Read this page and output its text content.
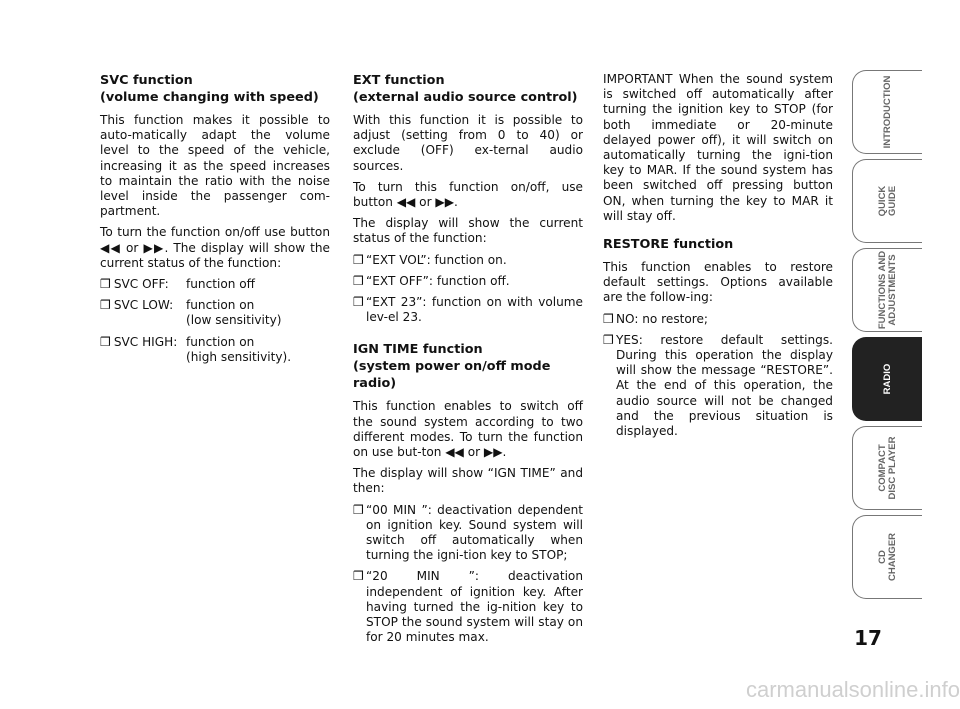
SVC function
(volume changing with speed)

This function makes it possible to auto-matically adapt the volume level to the speed of the vehicle, increasing it as the speed increases to maintain the ratio with the noise level inside the passenger com-partment.

To turn the function on/off use button ◀◀ or ▶▶. The display will show the current status of the function:

❒ SVC OFF:	function off
❒ SVC LOW:	function on
(low sensitivity)
❒ SVC HIGH: function on
(high sensitivity).
EXT function
(external audio source control)

With this function it is possible to adjust (setting from 0 to 40) or exclude (OFF) ex-ternal audio sources.

To turn this function on/off, use button ◀◀ or ▶▶.

The display will show the current status of the function:

❒ “EXT VOL”: function on.
❒ “EXT OFF”: function off.
❒ “EXT 23”: function on with volume lev-el 23.
IGN TIME function
(system power on/off mode radio)

This function enables to switch off the sound system according to two different modes. To turn the function on use but-ton ◀◀ or ▶▶.

The display will show “IGN TIME” and then:

❒ “00 MIN ”: deactivation dependent on ignition key. Sound system will switch off automatically when turning the igni-tion key to STOP;
❒ “20 MIN ”: deactivation independent of ignition key. After having turned the ig-nition key to STOP the sound system will stay on for 20 minutes max.

IMPORTANT When the sound system is switched off automatically after turning the ignition key to STOP (for both immediate or 20-minute delayed power off), it will switch on automatically turning the igni-tion key to MAR. If the sound system has been switched off pressing button ON, when turning the key to MAR it will stay off.

RESTORE function

This function enables to restore default settings. Options available are the follow-ing:

❒ NO: no restore;
❒ YES: restore default settings. During this operation the display will show the message “RESTORE”. At the end of this operation, the audio source will not be changed and the previous situation is displayed.
INTRODUCTION
QUICK
GUIDE
FUNCTIONS AND
ADJUSTMENTS
RADIO
COMPACT
DISC PLAYER
CD
CHANGER
17
carmanualsonline.info
